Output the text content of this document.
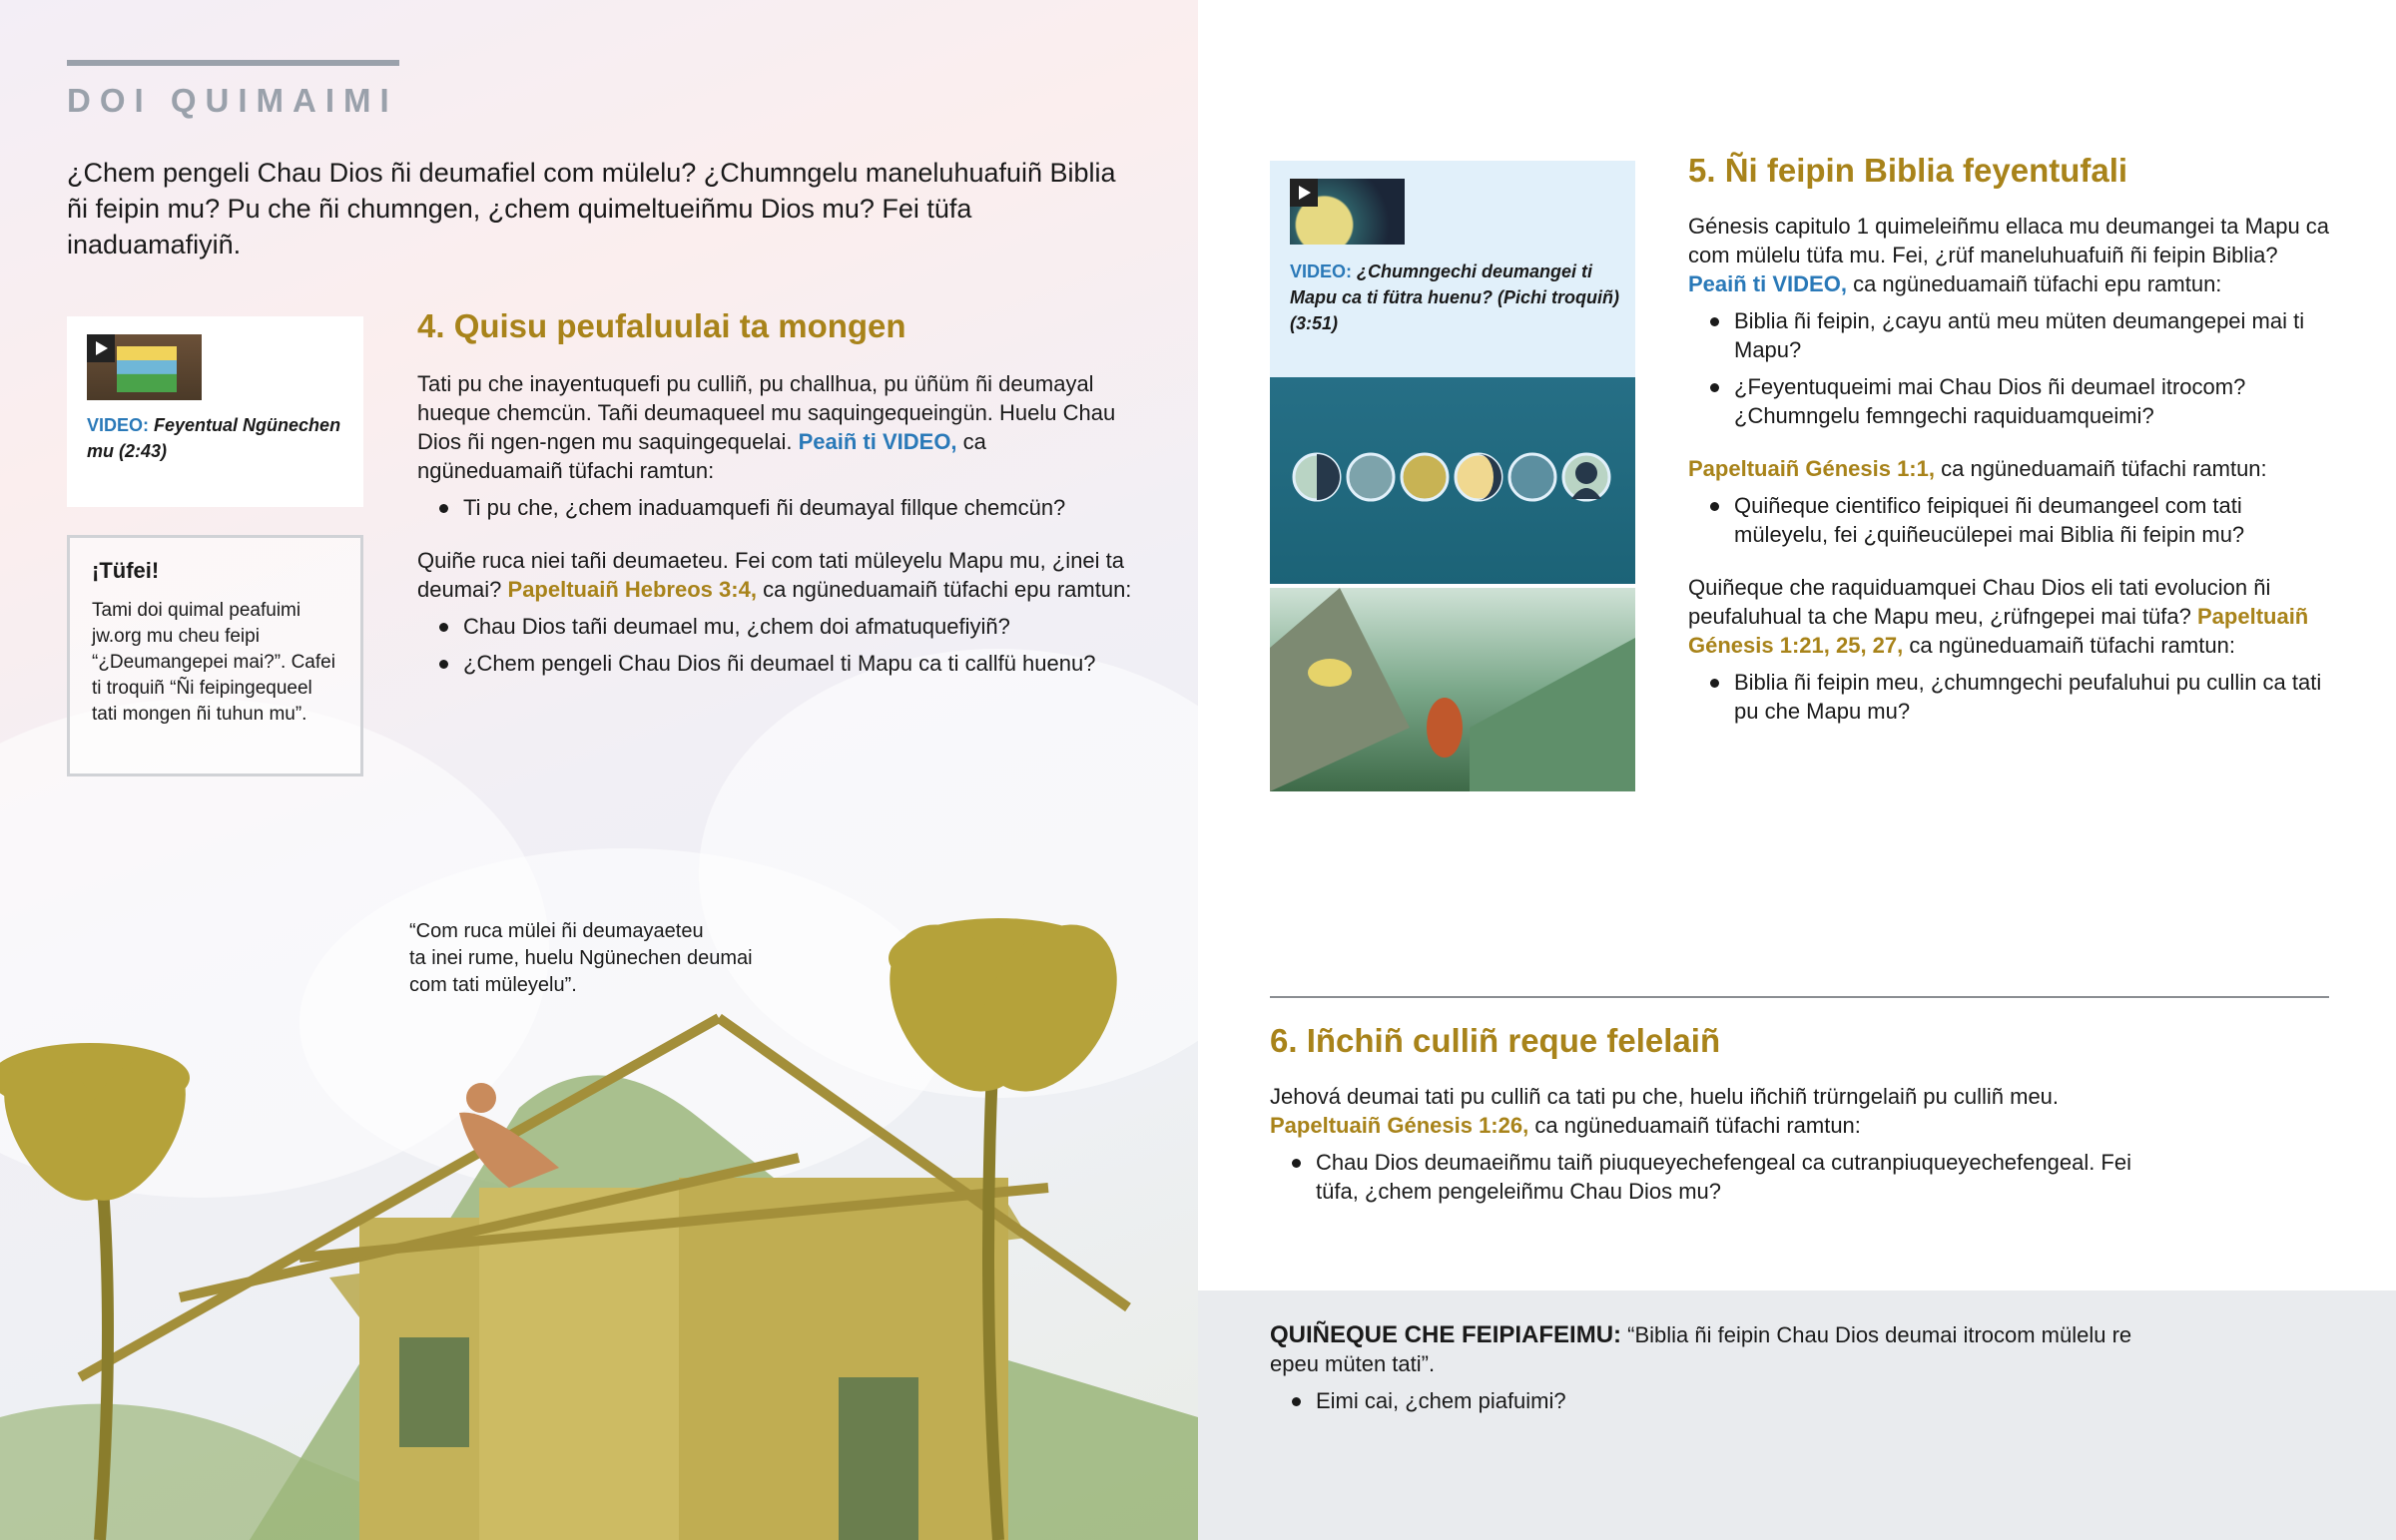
DOI QUIMAIMI

¿Chem pengeli Chau Dios ñi deumafiel com mülelu? ¿Chumngelu maneluhuafuiñ Biblia ñi feipin mu? Pu che ñi chumngen, ¿chem quimeltueiñmu Dios mu? Fei tüfa inaduamafiyiñ.

VIDEO: Feyentual Ngünechen mu (2:43)
¡Tüfei!

Tami doi quimal peafuimi jw.org mu cheu feipi “¿Deumangepei mai?”. Cafei ti troquiñ “Ñi feipingequeel tati mongen ñi tuhun mu”.

4. Quisu peufaluulai ta mongen

Tati pu che inayentuquefi pu culliñ, pu challhua, pu üñüm ñi deumayal hueque chemcün. Tañi deumaqueel mu saquingequeingün. Huelu Chau Dios ñi ngen-ngen mu saquingequelai. Peaiñ ti VIDEO, ca ngüneduamaiñ tüfachi ramtun:

Ti pu che, ¿chem inaduamquefi ñi deumayal fillque chemcün?

Quiñe ruca niei tañi deumaeteu. Fei com tati müleyelu Mapu mu, ¿inei ta deumai? Papeltuaiñ Hebreos 3:4, ca ngüneduamaiñ tüfachi epu ramtun:

Chau Dios tañi deumael mu, ¿chem doi afmatuquefiyiñ?
¿Chem pengeli Chau Dios ñi deumael ti Mapu ca ti callfü huenu?
“Com ruca mülei ñi deumayaeteu
ta inei rume, huelu Ngünechen deumai
com tati müleyelu”.
VIDEO: ¿Chumngechi deumangei ti Mapu ca ti fütra huenu? (Pichi troquiñ) (3:51)
5. Ñi feipin Biblia feyentufali

Génesis capitulo 1 quimeleiñmu ellaca mu deumangei ta Mapu ca com mülelu tüfa mu. Fei, ¿rüf maneluhuafuiñ ñi feipin Biblia? Peaiñ ti VIDEO, ca ngüneduamaiñ tüfachi epu ramtun:

Biblia ñi feipin, ¿cayu antü meu müten deumangepei mai ti Mapu?
¿Feyentuqueimi mai Chau Dios ñi deumael itrocom? ¿Chumngelu femngechi raquiduamqueimi?

Papeltuaiñ Génesis 1:1, ca ngüneduamaiñ tüfachi ramtun:

Quiñeque cientifico feipiquei ñi deumangeel com tati müleyelu, fei ¿quiñeucülepei mai Biblia ñi feipin mu?

Quiñeque che raquiduamquei Chau Dios eli tati evolucion ñi peufaluhual ta che Mapu meu, ¿rüfngepei mai tüfa? Papeltuaiñ Génesis 1:21, 25, 27, ca ngüneduamaiñ tüfachi ramtun:

Biblia ñi feipin meu, ¿chumngechi peufaluhui pu cullin ca tati pu che Mapu mu?
6. Iñchiñ culliñ reque felelaiñ

Jehová deumai tati pu culliñ ca tati pu che, huelu iñchiñ trürngelaiñ pu culliñ meu.
Papeltuaiñ Génesis 1:26, ca ngüneduamaiñ tüfachi ramtun:

Chau Dios deumaeiñmu taiñ piuqueyechefengeal ca cutranpiuqueyechefengeal. Fei tüfa, ¿chem pengeleiñmu Chau Dios mu?

QUIÑEQUE CHE FEIPIAFEIMU: “Biblia ñi feipin Chau Dios deumai itrocom mülelu re epeu müten tati”.

Eimi cai, ¿chem piafuimi?
